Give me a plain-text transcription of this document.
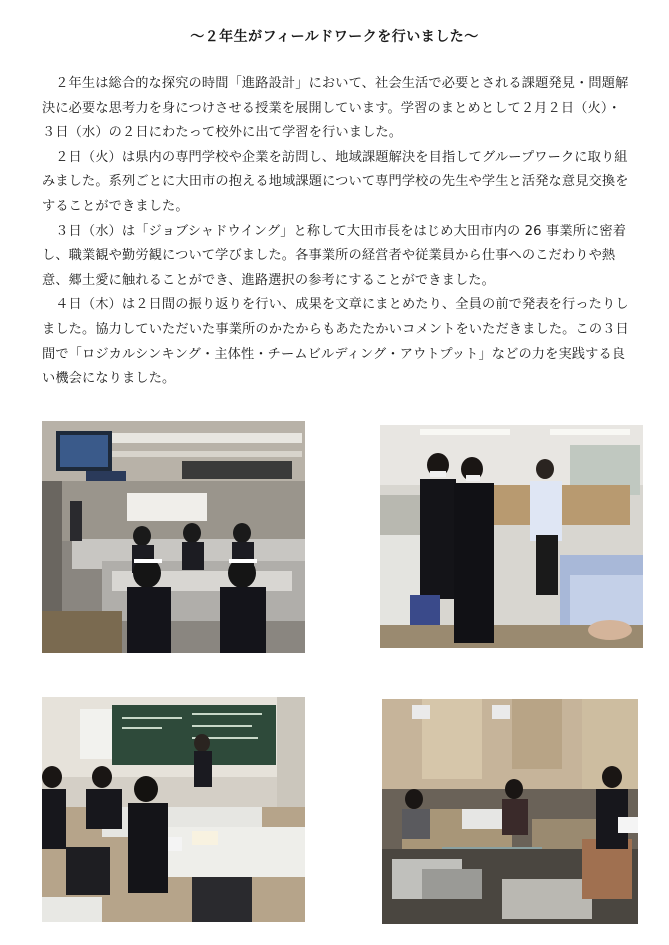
～２年生がフィールドワークを行いました～

２年生は総合的な探究の時間「進路設計」において、社会生活で必要とされる課題発見・問題解決に必要な思考力を身につけさせる授業を展開しています。学習のまとめとして２月２日（火）・３日（水）の２日にわたって校外に出て学習を行いました。

２日（火）は県内の専門学校や企業を訪問し、地域課題解決を目指してグループワークに取り組みました。系列ごとに大田市の抱える地域課題について専門学校の先生や学生と活発な意見交換をすることができました。

３日（水）は「ジョブシャドウイング」と称して大田市長をはじめ大田市内の 26 事業所に密着し、職業観や勤労観について学びました。各事業所の経営者や従業員から仕事へのこだわりや熱意、郷土愛に触れることができ、進路選択の参考にすることができました。

４日（木）は２日間の振り返りを行い、成果を文章にまとめたり、全員の前で発表を行ったりしました。協力していただいた事業所のかたからもあたたかいコメントをいただきました。この３日間で「ロジカルシンキング・主体性・チームビルディング・アウトプット」などの力を実践する良い機会になりました。
